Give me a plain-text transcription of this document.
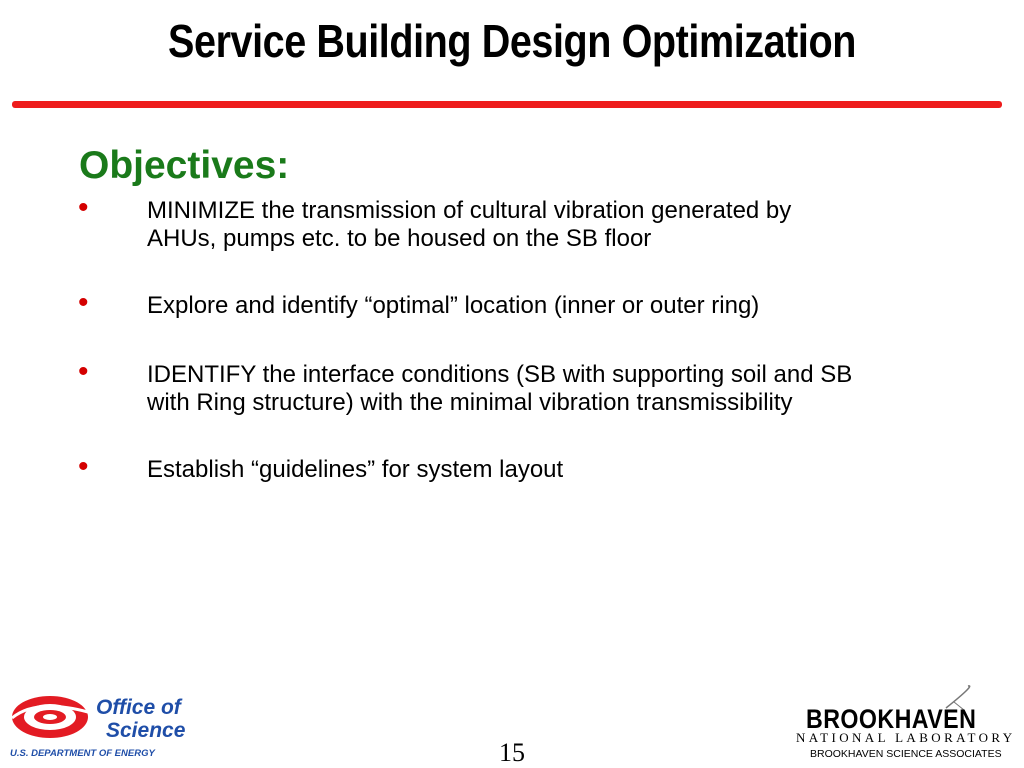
Service Building Design Optimization
Objectives:
• MINIMIZE the transmission of cultural vibration generated by
AHUs, pumps etc. to be housed on the SB floor
• Explore and identify “optimal” location (inner or outer ring)
• IDENTIFY the interface conditions (SB with supporting soil and SB
with Ring structure) with the minimal vibration transmissibility
• Establish “guidelines” for system layout
Office of
Science
U.S. DEPARTMENT OF ENERGY	15
BROOKHAVEN
NATIONAL LABORATORY
BROOKHAVEN SCIENCE ASSOCIATES
